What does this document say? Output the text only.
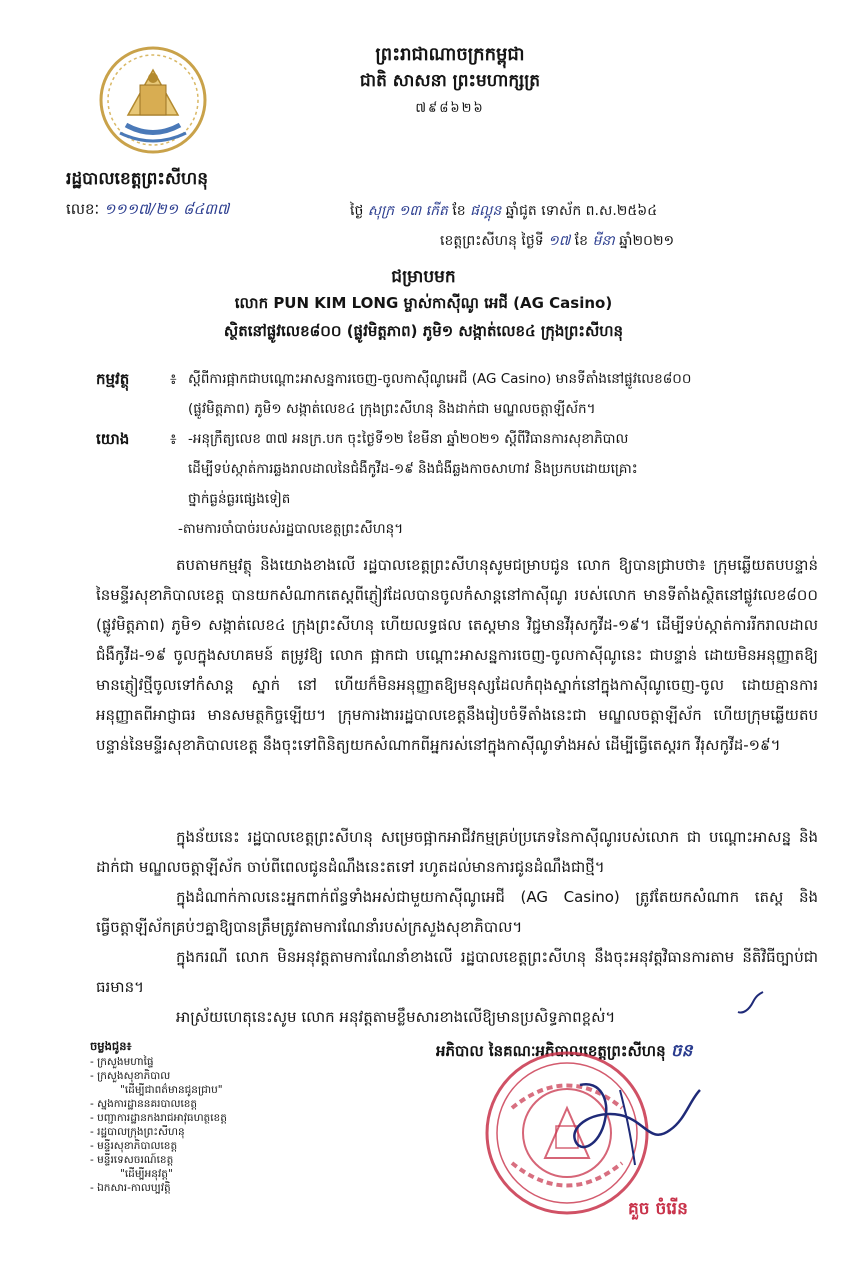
ព្រះរាជាណាចក្រកម្ពុជា
ជាតិ សាសនា ព្រះមហាក្សត្រ
៧៩៨៦២៦
រដ្ឋបាលខេត្តព្រះសីហនុ
លេខៈ ១១១៧/២១ ៨៤៣៧	ថ្ងៃ សុក្រ ១៣ កើត ខែ ផល្គុន ឆ្នាំជូត ទោស័ក ព.ស.២៥៦៤
ខេត្តព្រះសីហនុ ថ្ងៃទី ១៧ ខែ មីនា ឆ្នាំ២០២១
ជម្រាបមក
លោក PUN KIM LONG ម្ចាស់កាស៊ីណូ អេជី (AG Casino)
ស្ថិតនៅផ្លូវលេខ៨០០ (ផ្លូវមិត្តភាព) ភូមិ១ សង្កាត់លេខ៤ ក្រុងព្រះសីហនុ
កម្មវត្ថុ	៖ ស្តីពីការផ្អាកជាបណ្តោះអាសន្នការចេញ-ចូលកាស៊ីណូអេជី (AG Casino) មានទីតាំងនៅផ្លូវលេខ៨០០
(ផ្លូវមិត្តភាព) ភូមិ១ សង្កាត់លេខ៤ ក្រុងព្រះសីហនុ និងដាក់ជា មណ្ឌលចត្តាឡីស័ក។
យោង	៖ -អនុក្រឹត្យលេខ ៣៧ អនក្រ.បក ចុះថ្ងៃទី១២ ខែមីនា ឆ្នាំ២០២១ ស្តីពីវិធានការសុខាភិបាល
ដើម្បីទប់ស្កាត់ការឆ្លងរាលដាលនៃជំងឺកូវីដ-១៩ និងជំងឺឆ្លងកាចសាហាវ និងប្រកបដោយគ្រោះ
ថ្នាក់ធ្ងន់ធ្ងរផ្សេងទៀត
-តាមការចាំបាច់របស់រដ្ឋបាលខេត្តព្រះសីហនុ។
តបតាមកម្មវត្ថុ និងយោងខាងលើ រដ្ឋបាលខេត្តព្រះសីហនុសូមជម្រាបជូន លោក ឱ្យបានជ្រាបថា៖ ក្រុមឆ្លើយតបបន្ទាន់ នៃមន្ទីរសុខាភិបាលខេត្ត បានយកសំណាកតេស្តពីភ្ញៀវដែលបានចូលកំសាន្តនៅកាស៊ីណូ របស់លោក មានទីតាំងស្ថិតនៅផ្លូវលេខ៨០០ (ផ្លូវមិត្តភាព) ភូមិ១ សង្កាត់លេខ៤ ក្រុងព្រះសីហនុ ហើយលទ្ធផល តេស្តមាន វិជ្ជមានវីរុសកូវីដ-១៩។ ដើម្បីទប់ស្កាត់ការរីករាលដាលជំងឺកូវីដ-១៩ ចូលក្នុងសហគមន៍ តម្រូវឱ្យ លោក ផ្អាកជា បណ្តោះអាសន្នការចេញ-ចូលកាស៊ីណូនេះ ជាបន្ទាន់ ដោយមិនអនុញ្ញាតឱ្យមានភ្ញៀវថ្មីចូលទៅកំសាន្ត ស្នាក់ នៅ ហើយក៏មិនអនុញ្ញាតឱ្យមនុស្សដែលកំពុងស្នាក់នៅក្នុងកាស៊ីណូចេញ-ចូល ដោយគ្មានការអនុញ្ញាតពីអាជ្ញាធរ មានសមត្ថកិច្ចឡើយ។ ក្រុមការងាររដ្ឋបាលខេត្តនឹងរៀបចំទីតាំងនេះជា មណ្ឌលចត្តាឡីស័ក ហើយក្រុមឆ្លើយតប បន្ទាន់នៃមន្ទីរសុខាភិបាលខេត្ត នឹងចុះទៅពិនិត្យយកសំណាកពីអ្នករស់នៅក្នុងកាស៊ីណូទាំងអស់ ដើម្បីធ្វើតេស្តរក វីរុសកូវីដ-១៩។
ក្នុងន័យនេះ រដ្ឋបាលខេត្តព្រះសីហនុ សម្រេចផ្អាកអាជីវកម្មគ្រប់ប្រភេទនៃកាស៊ីណូរបស់លោក ជា បណ្តោះអាសន្ន និងដាក់ជា មណ្ឌលចត្តាឡីស័ក ចាប់ពីពេលជូនដំណឹងនេះតទៅ រហូតដល់មានការជូនដំណឹងជាថ្មី។
ក្នុងដំណាក់កាលនេះអ្នកពាក់ព័ន្ធទាំងអស់ជាមួយកាស៊ីណូអេជី (AG Casino) ត្រូវតែយកសំណាក តេស្ត និងធ្វើចត្តាឡីស័កគ្រប់ៗគ្នាឱ្យបានត្រឹមត្រូវតាមការណែនាំរបស់ក្រសួងសុខាភិបាល។
ក្នុងករណី លោក មិនអនុវត្តតាមការណែនាំខាងលើ រដ្ឋបាលខេត្តព្រះសីហនុ នឹងចុះអនុវត្តវិធានការតាម នីតិវិធីច្បាប់ជាធរមាន។
អាស្រ័យហេតុនេះសូម លោក អនុវត្តតាមខ្លឹមសារខាងលើឱ្យមានប្រសិទ្ធភាពខ្ពស់។
ចម្លងជូន៖
- ក្រសួងមហាផ្ទៃ
- ក្រសួងសុខាភិបាល
"ដើម្បីជាពត៌មានជូនជ្រាប"
- ស្នងការដ្ឋាននគរបាលខេត្ត
- បញ្ជាការដ្ឋានកងរាជអាវុធហត្ថខេត្ត
- រដ្ឋបាលក្រុងព្រះសីហនុ
- មន្ទីរសុខាភិបាលខេត្ត
- មន្ទីរទេសចរណ៍ខេត្ត
"ដើម្បីអនុវត្ត"
- ឯកសារ-កាលប្បវត្តិ
អភិបាល នៃគណៈអភិបាលខេត្តព្រះសីហនុ ចន
គួច ចំរើន
